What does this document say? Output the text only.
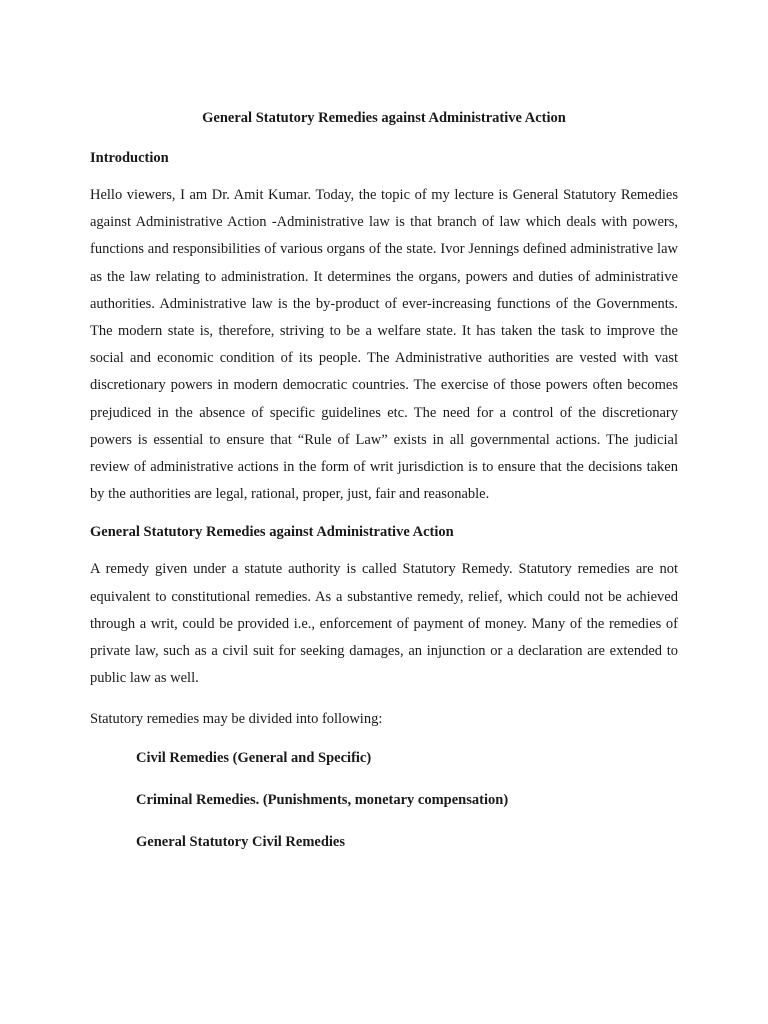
General Statutory Remedies against Administrative Action
Introduction

Hello viewers, I am Dr. Amit Kumar. Today, the topic of my lecture is General Statutory Remedies against Administrative Action -Administrative law is that branch of law which deals with powers, functions and responsibilities of various organs of the state. Ivor Jennings defined administrative law as the law relating to administration. It determines the organs, powers and duties of administrative authorities. Administrative law is the by-product of ever-increasing functions of the Governments. The modern state is, therefore, striving to be a welfare state. It has taken the task to improve the social and economic condition of its people. The Administrative authorities are vested with vast discretionary powers in modern democratic countries. The exercise of those powers often becomes prejudiced in the absence of specific guidelines etc. The need for a control of the discretionary powers is essential to ensure that “Rule of Law” exists in all governmental actions. The judicial review of administrative actions in the form of writ jurisdiction is to ensure that the decisions taken by the authorities are legal, rational, proper, just, fair and reasonable.

General Statutory Remedies against Administrative Action

A remedy given under a statute authority is called Statutory Remedy. Statutory remedies are not equivalent to constitutional remedies. As a substantive remedy, relief, which could not be achieved through a writ, could be provided i.e., enforcement of payment of money. Many of the remedies of private law, such as a civil suit for seeking damages, an injunction or a declaration are extended to public law as well.

Statutory remedies may be divided into following:

Civil Remedies (General and Specific)
Criminal Remedies. (Punishments, monetary compensation)
General Statutory Civil Remedies
